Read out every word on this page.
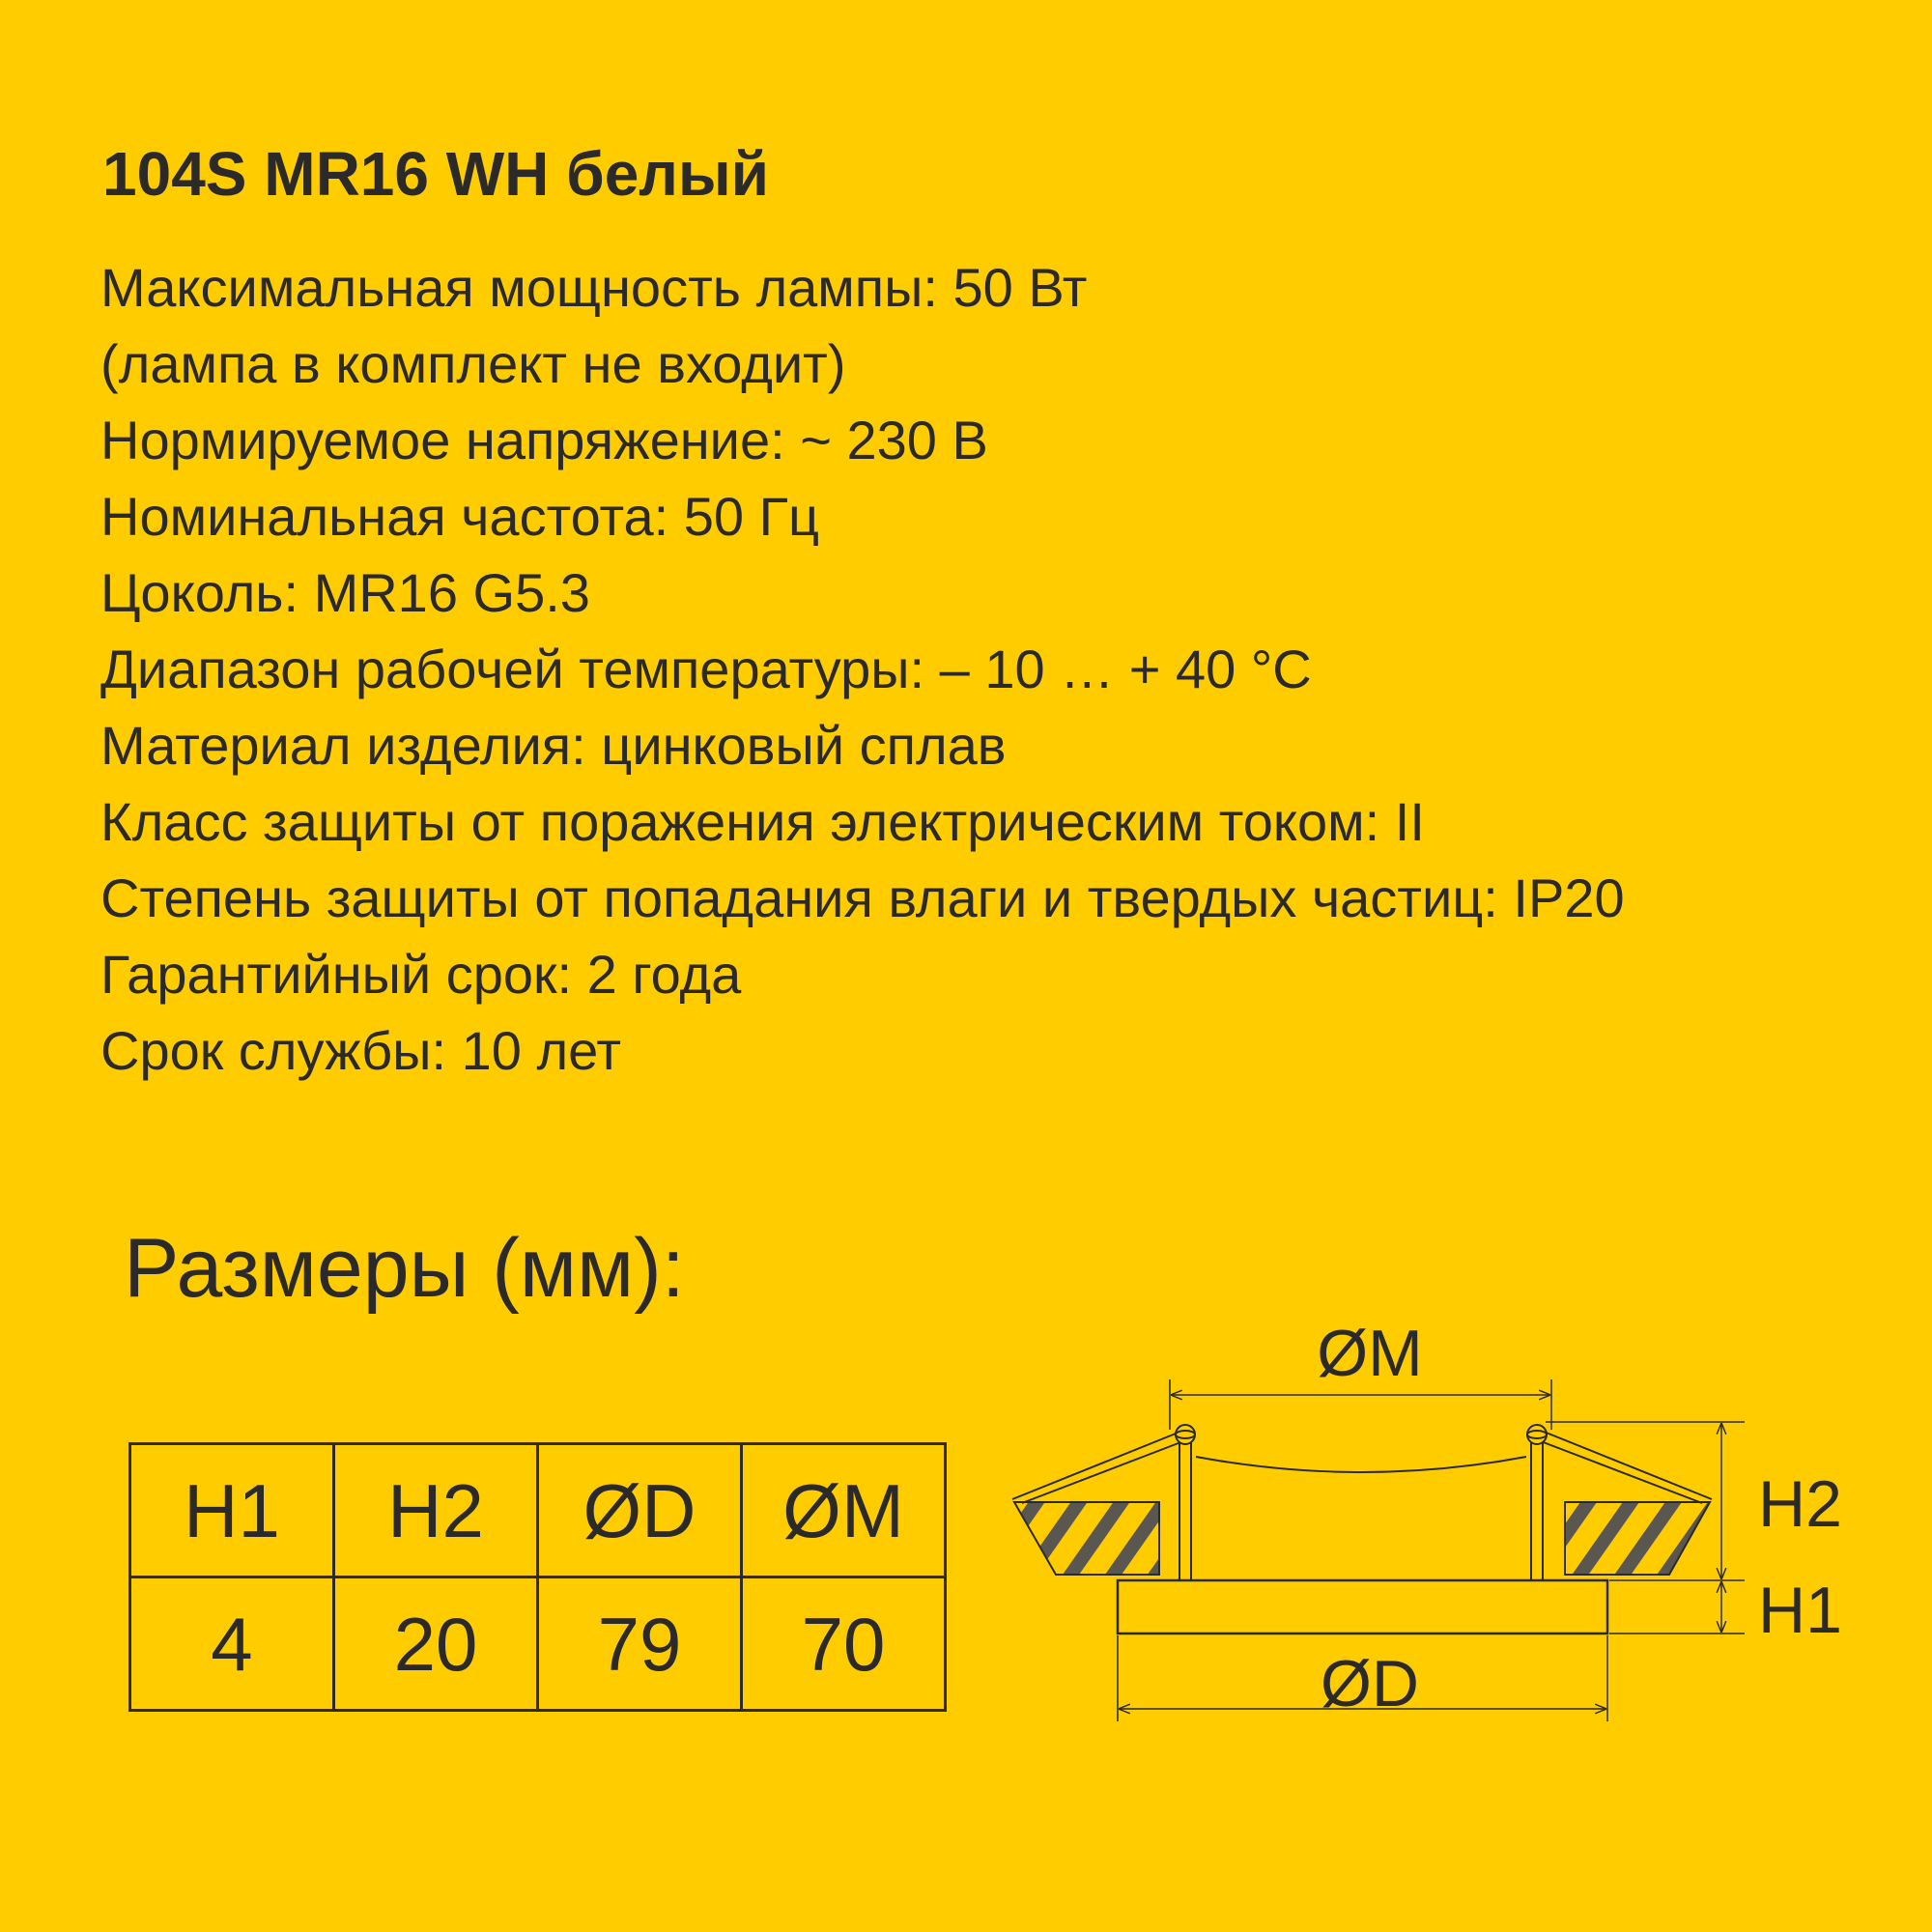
104S MR16 WH белый
Максимальная мощность лампы: 50 Вт
(лампа в комплект не входит)
Нормируемое напряжение: ~ 230 В
Номинальная частота: 50 Гц
Цоколь: MR16 G5.3
Диапазон рабочей температуры: – 10 … + 40 °С
Материал изделия: цинковый сплав
Класс защиты от поражения электрическим током: II
Степень защиты от попадания влаги и твердых частиц: IP20
Гарантийный срок: 2 года
Срок службы: 10 лет
Размеры (мм):
H1	H2	ØD	ØM
4	20	79	70
ØM
ØD
H2
H1
